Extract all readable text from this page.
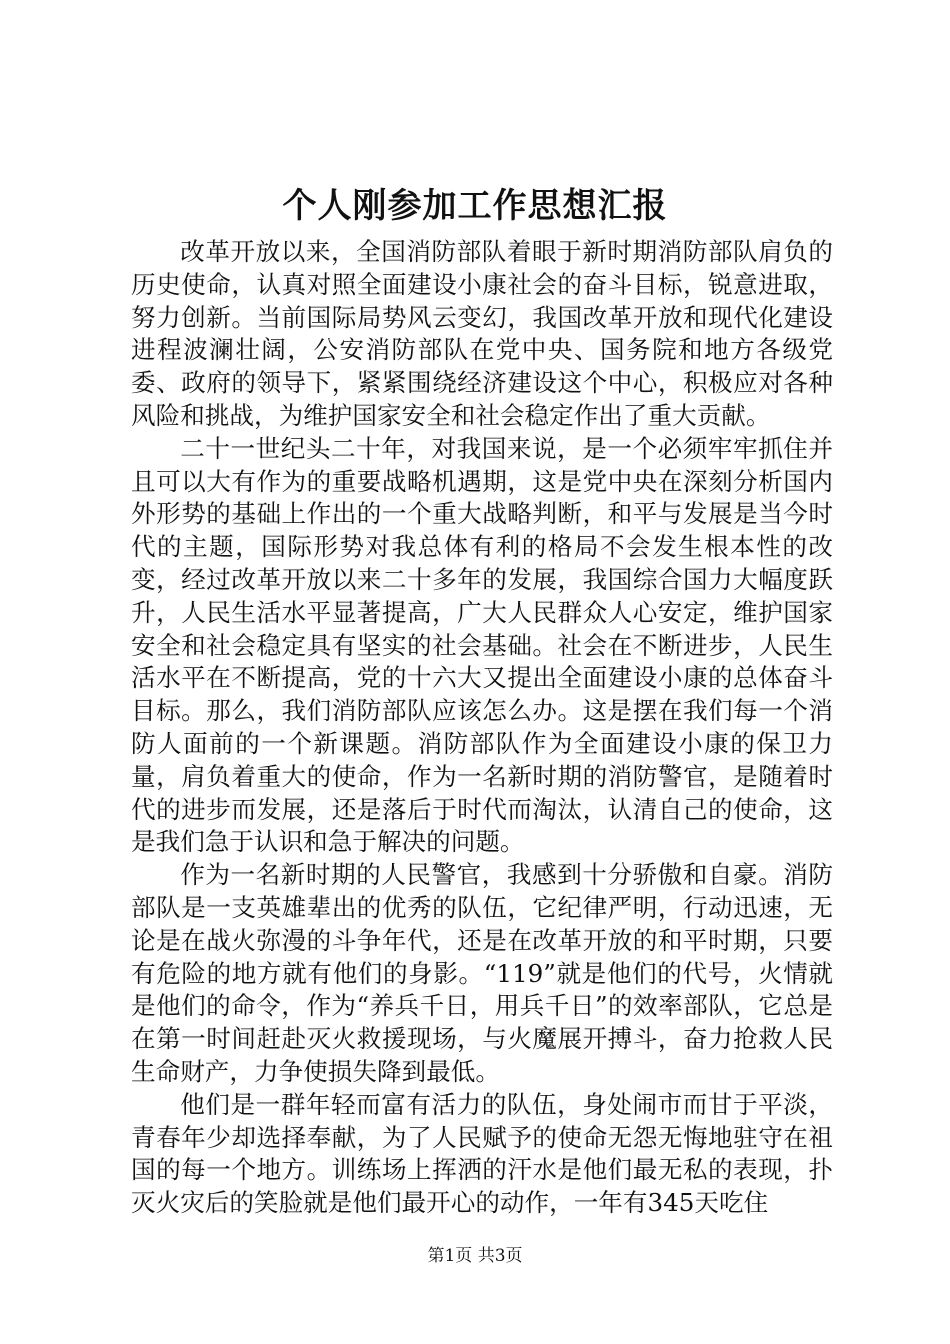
个人刚参加工作思想汇报

改革开放以来，全国消防部队着眼于新时期消防部队肩负的历史使命，认真对照全面建设小康社会的奋斗目标，锐意进取，努力创新。当前国际局势风云变幻，我国改革开放和现代化建设进程波澜壮阔，公安消防部队在党中央、国务院和地方各级党委、政府的领导下，紧紧围绕经济建设这个中心，积极应对各种风险和挑战，为维护国家安全和社会稳定作出了重大贡献。

二十一世纪头二十年，对我国来说，是一个必须牢牢抓住并且可以大有作为的重要战略机遇期，这是党中央在深刻分析国内外形势的基础上作出的一个重大战略判断，和平与发展是当今时代的主题，国际形势对我总体有利的格局不会发生根本性的改变，经过改革开放以来二十多年的发展，我国综合国力大幅度跃升，人民生活水平显著提高，广大人民群众人心安定，维护国家安全和社会稳定具有坚实的社会基础。社会在不断进步，人民生活水平在不断提高，党的十六大又提出全面建设小康的总体奋斗目标。那么，我们消防部队应该怎么办。这是摆在我们每一个消防人面前的一个新课题。消防部队作为全面建设小康的保卫力量，肩负着重大的使命，作为一名新时期的消防警官，是随着时代的进步而发展，还是落后于时代而淘汰，认清自己的使命，这是我们急于认识和急于解决的问题。

作为一名新时期的人民警官，我感到十分骄傲和自豪。消防部队是一支英雄辈出的优秀的队伍，它纪律严明，行动迅速，无论是在战火弥漫的斗争年代，还是在改革开放的和平时期，只要有危险的地方就有他们的身影。“119”就是他们的代号，火情就是他们的命令，作为“养兵千日，用兵千日”的效率部队，它总是在第一时间赶赴灭火救援现场，与火魔展开搏斗，奋力抢救人民生命财产，力争使损失降到最低。

他们是一群年轻而富有活力的队伍，身处闹市而甘于平淡，青春年少却选择奉献，为了人民赋予的使命无怨无悔地驻守在祖国的每一个地方。训练场上挥洒的汗水是他们最无私的表现，扑灭火灾后的笑脸就是他们最开心的动作，一年有345天吃住

第1页 共3页
